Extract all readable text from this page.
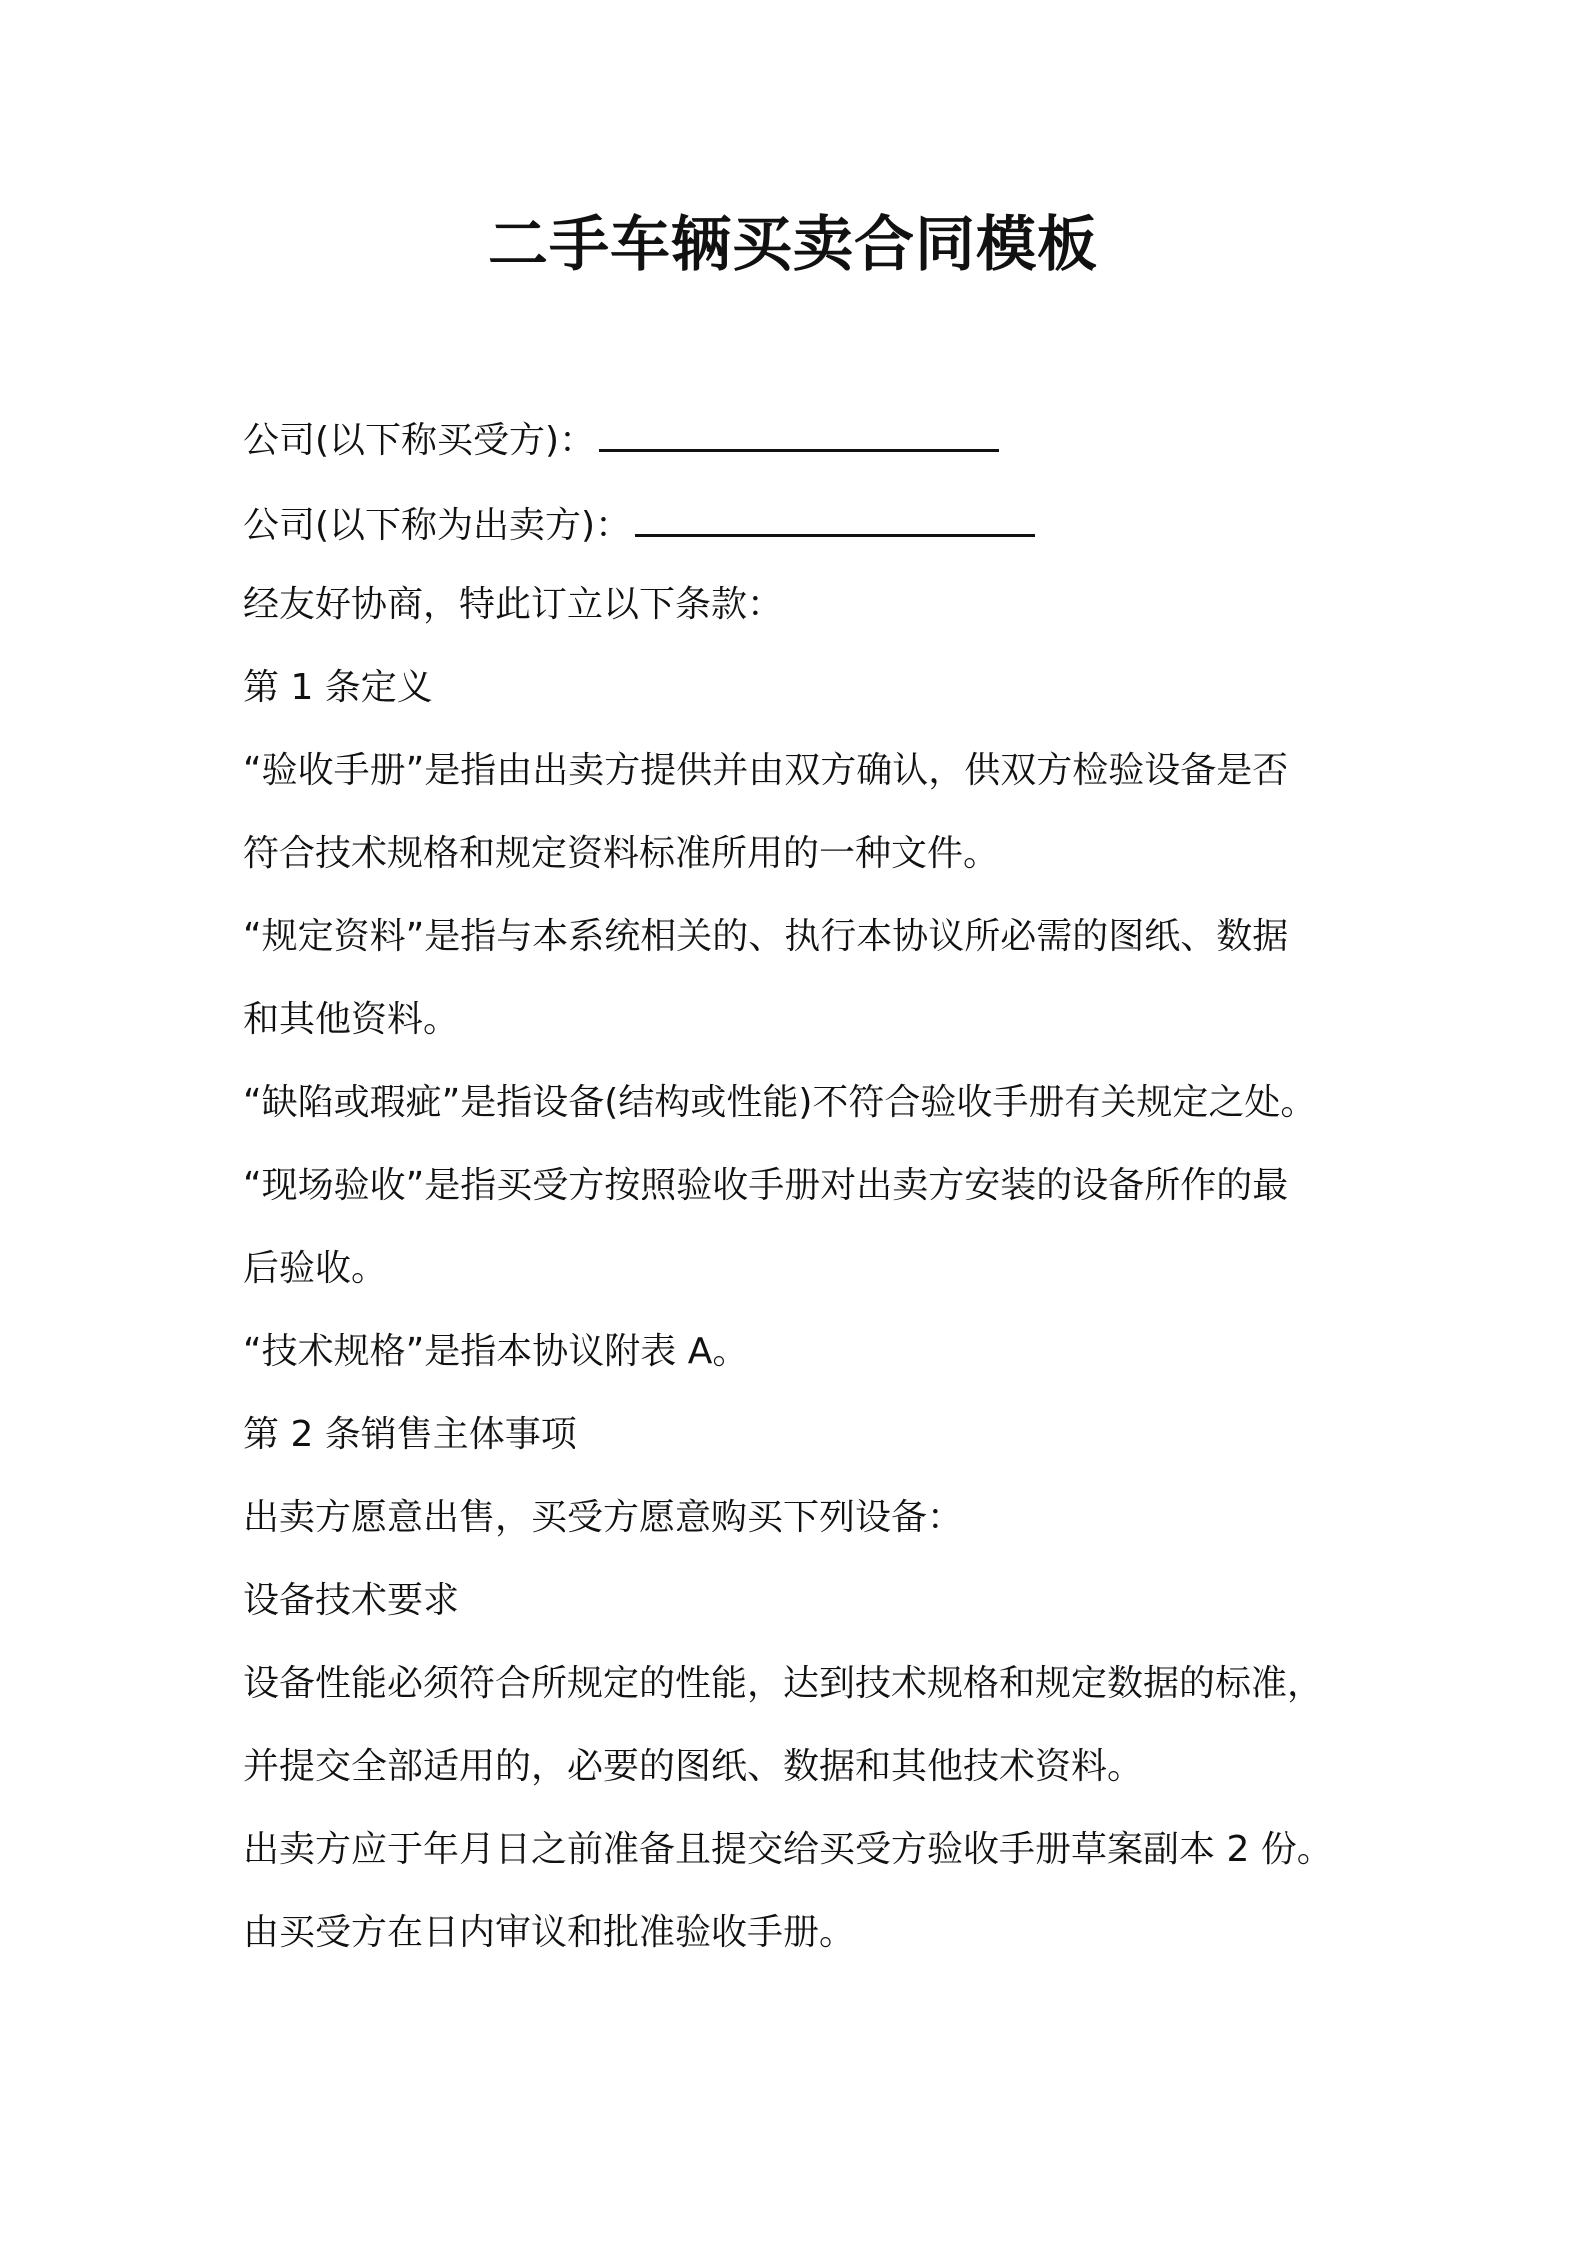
二手车辆买卖合同模板

公司(以下称买受方)：

公司(以下称为出卖方)：

经友好协商，特此订立以下条款：

第 1 条定义

“验收手册”是指由出卖方提供并由双方确认，供双方检验设备是否

符合技术规格和规定资料标准所用的一种文件。

“规定资料”是指与本系统相关的、执行本协议所必需的图纸、数据

和其他资料。

“缺陷或瑕疵”是指设备(结构或性能)不符合验收手册有关规定之处。

“现场验收”是指买受方按照验收手册对出卖方安装的设备所作的最

后验收。

“技术规格”是指本协议附表 A。

第 2 条销售主体事项

出卖方愿意出售，买受方愿意购买下列设备：

设备技术要求

设备性能必须符合所规定的性能，达到技术规格和规定数据的标准，

并提交全部适用的，必要的图纸、数据和其他技术资料。

出卖方应于年月日之前准备且提交给买受方验收手册草案副本 2 份。

由买受方在日内审议和批准验收手册。
